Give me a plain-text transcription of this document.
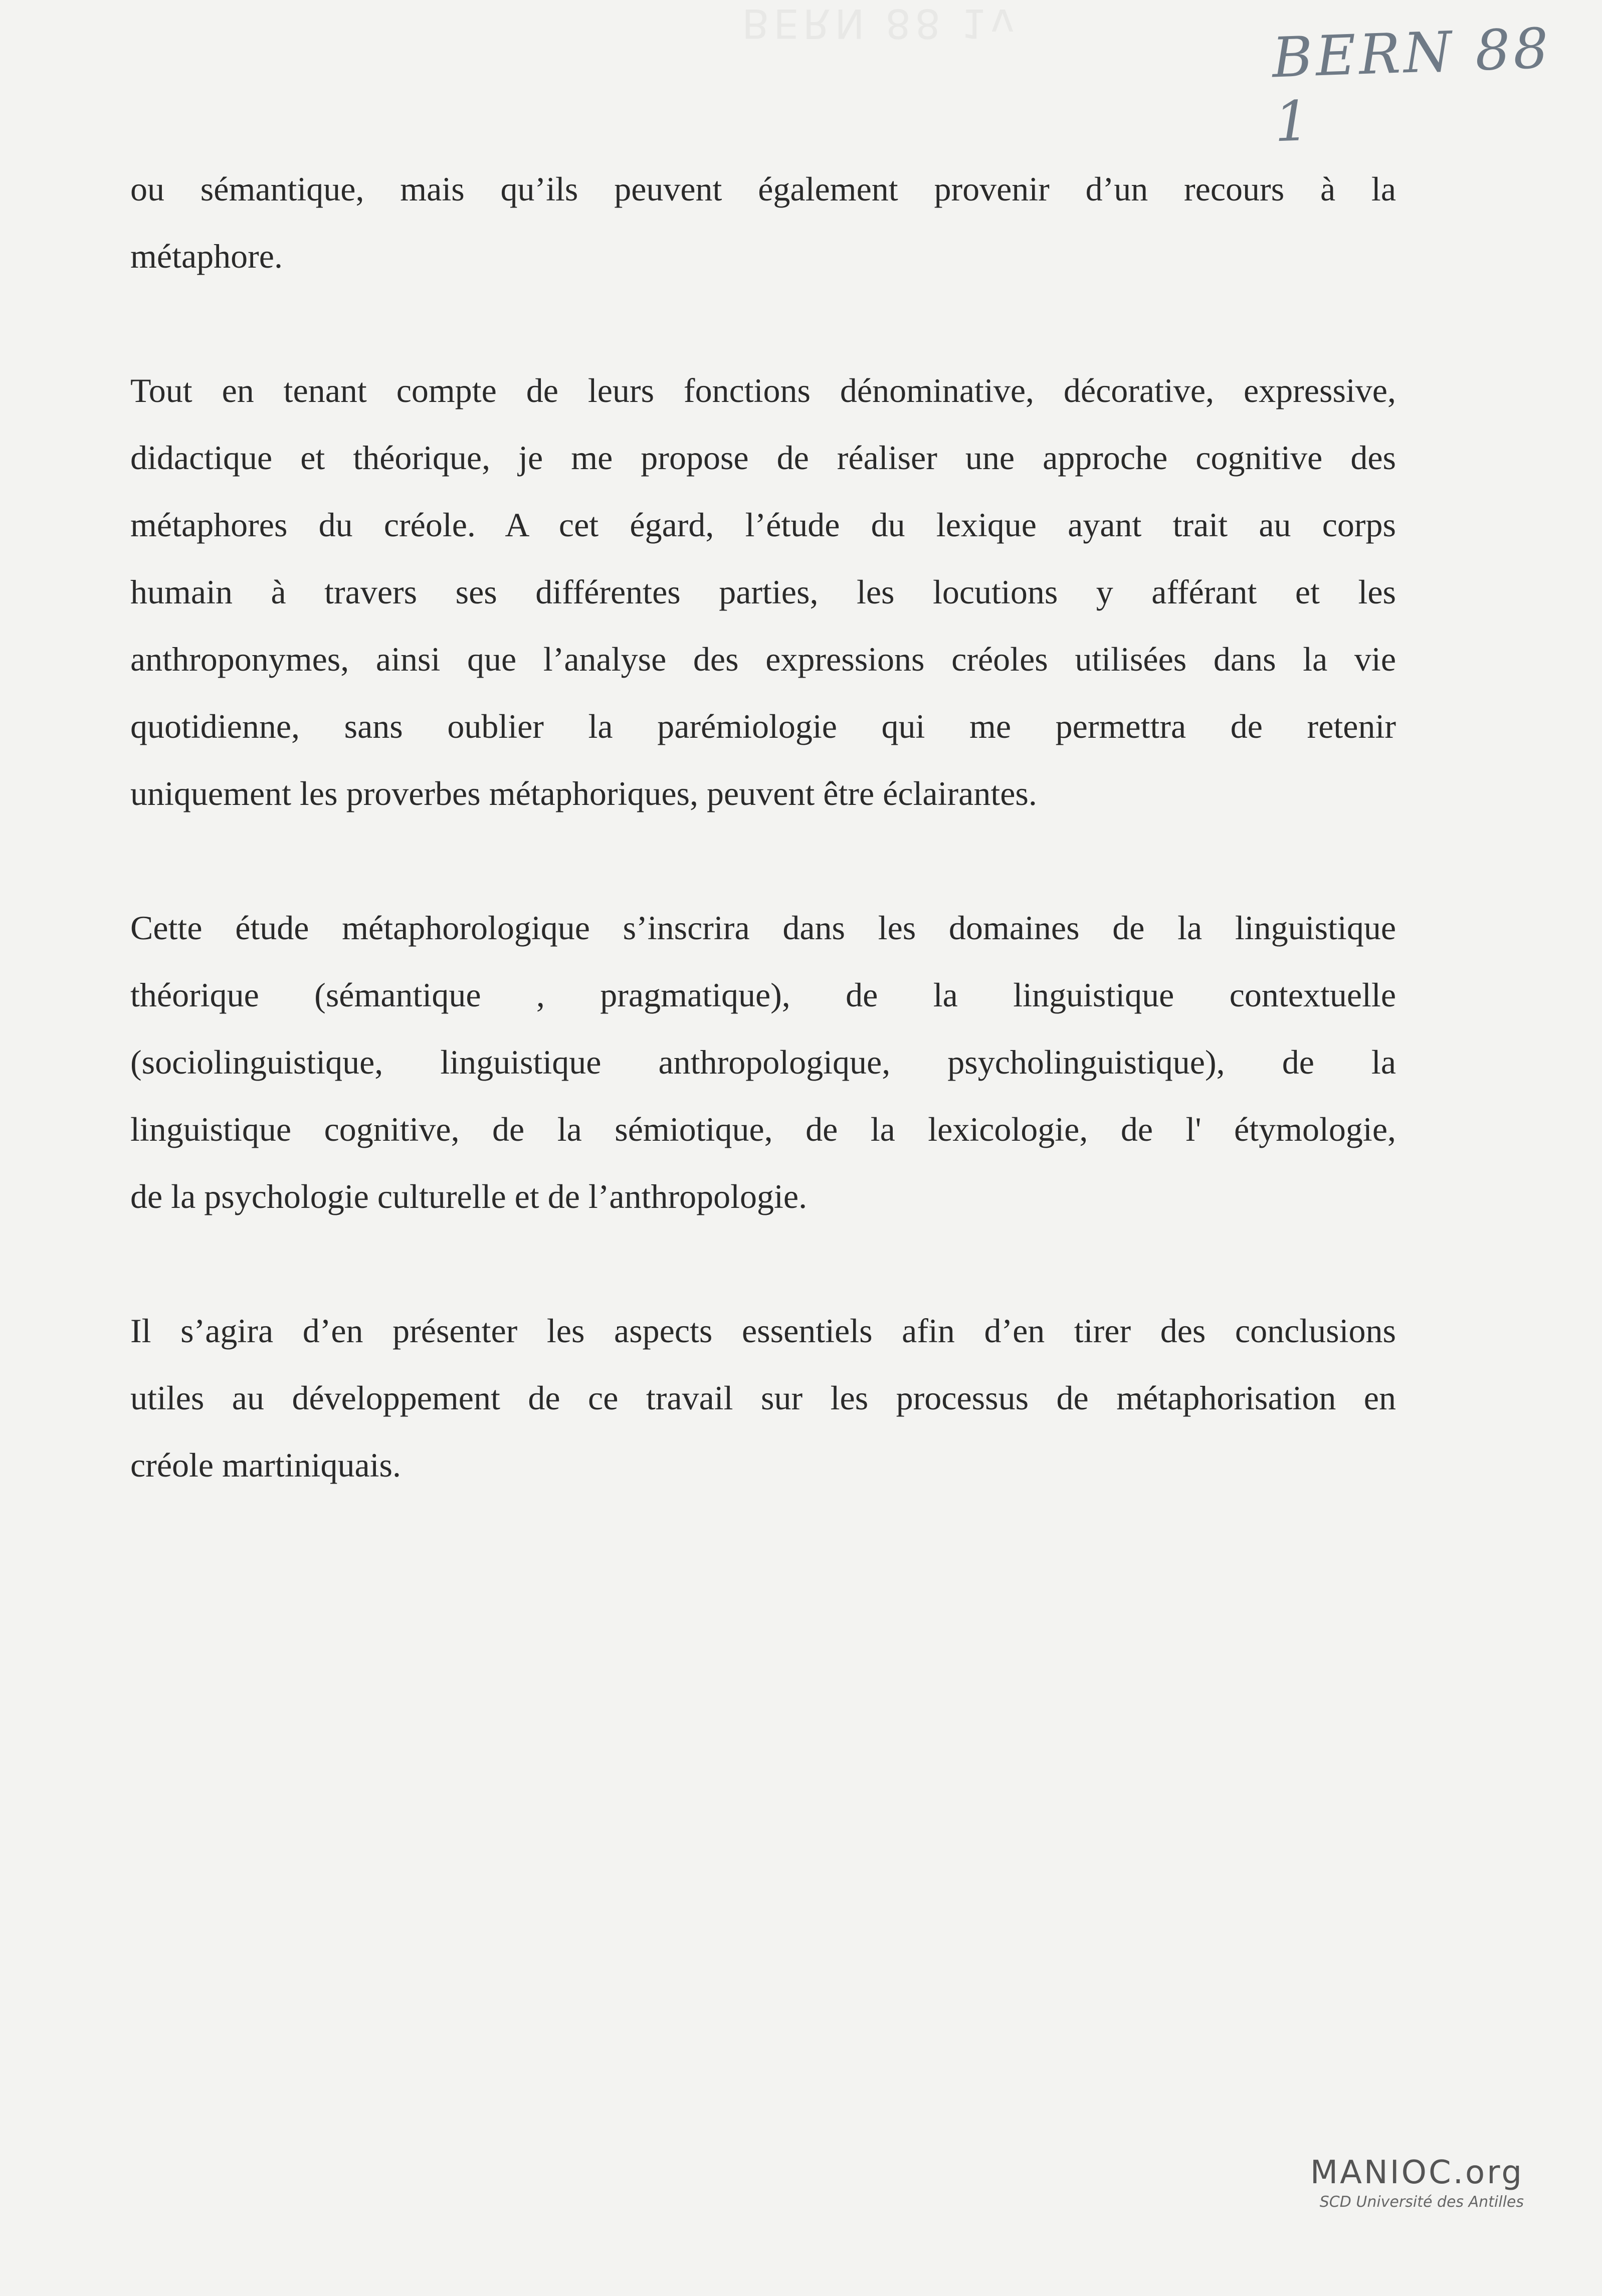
BERN 88 1v	BERN 88 1
ou sémantique, mais qu’ils peuvent également provenir d’un recours à la
métaphore.
Tout en tenant compte de leurs fonctions dénominative, décorative, expressive,
didactique et théorique, je me propose de réaliser une approche cognitive des
métaphores du créole. A cet égard, l’étude du lexique ayant trait au corps
humain à travers ses différentes parties, les locutions y afférant et les
anthroponymes, ainsi que l’analyse des expressions créoles utilisées dans la vie
quotidienne, sans oublier la parémiologie qui me permettra de retenir
uniquement les proverbes métaphoriques, peuvent être éclairantes.
Cette étude métaphorologique s’inscrira dans les domaines de la linguistique
théorique (sémantique , pragmatique), de la linguistique contextuelle
(sociolinguistique, linguistique anthropologique, psycholinguistique), de la
linguistique cognitive, de la sémiotique, de la lexicologie, de l' étymologie,
de la psychologie culturelle et de l’anthropologie.
Il s’agira d’en présenter les aspects essentiels afin d’en tirer des conclusions
utiles au développement de ce travail sur les processus de métaphorisation en
créole martiniquais.
MANIOC.org
SCD Université des Antilles
